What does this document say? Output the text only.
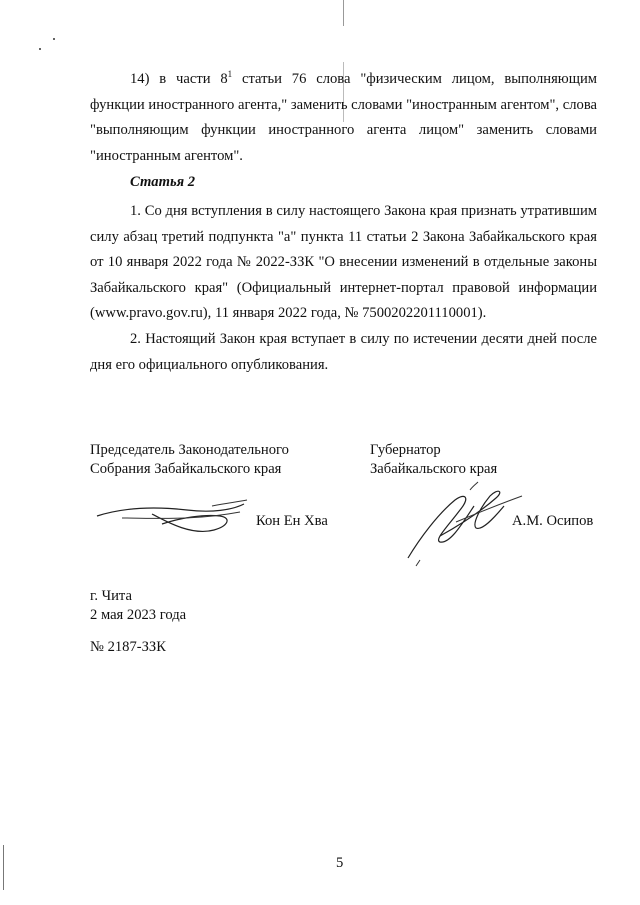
14) в части $8^1$ статьи 76 слова "физическим лицом, выполняющим функции иностранного агента," заменить словами "иностранным агентом", слова "выполняющим функции иностранного агента лицом" заменить словами "иностранным агентом".

Статья 2

1. Со дня вступления в силу настоящего Закона края признать утратившим силу абзац третий подпункта "а" пункта 11 статьи 2 Закона Забайкальского края от 10 января 2022 года № 2022-ЗЗК "О внесении изменений в отдельные законы Забайкальского края" (Официальный интернет-портал правовой информации (www.pravo.gov.ru), 11 января 2022 года, № 7500202201110001).

2. Настоящий Закон края вступает в силу по истечении десяти дней после дня его официального опубликования.

Председатель Законодательного
Собрания Забайкальского края
Губернатор
Забайкальского края
Кон Ен Хва	А.М. Осипов
г. Чита
2 мая 2023 года
№ 2187-ЗЗК
5
